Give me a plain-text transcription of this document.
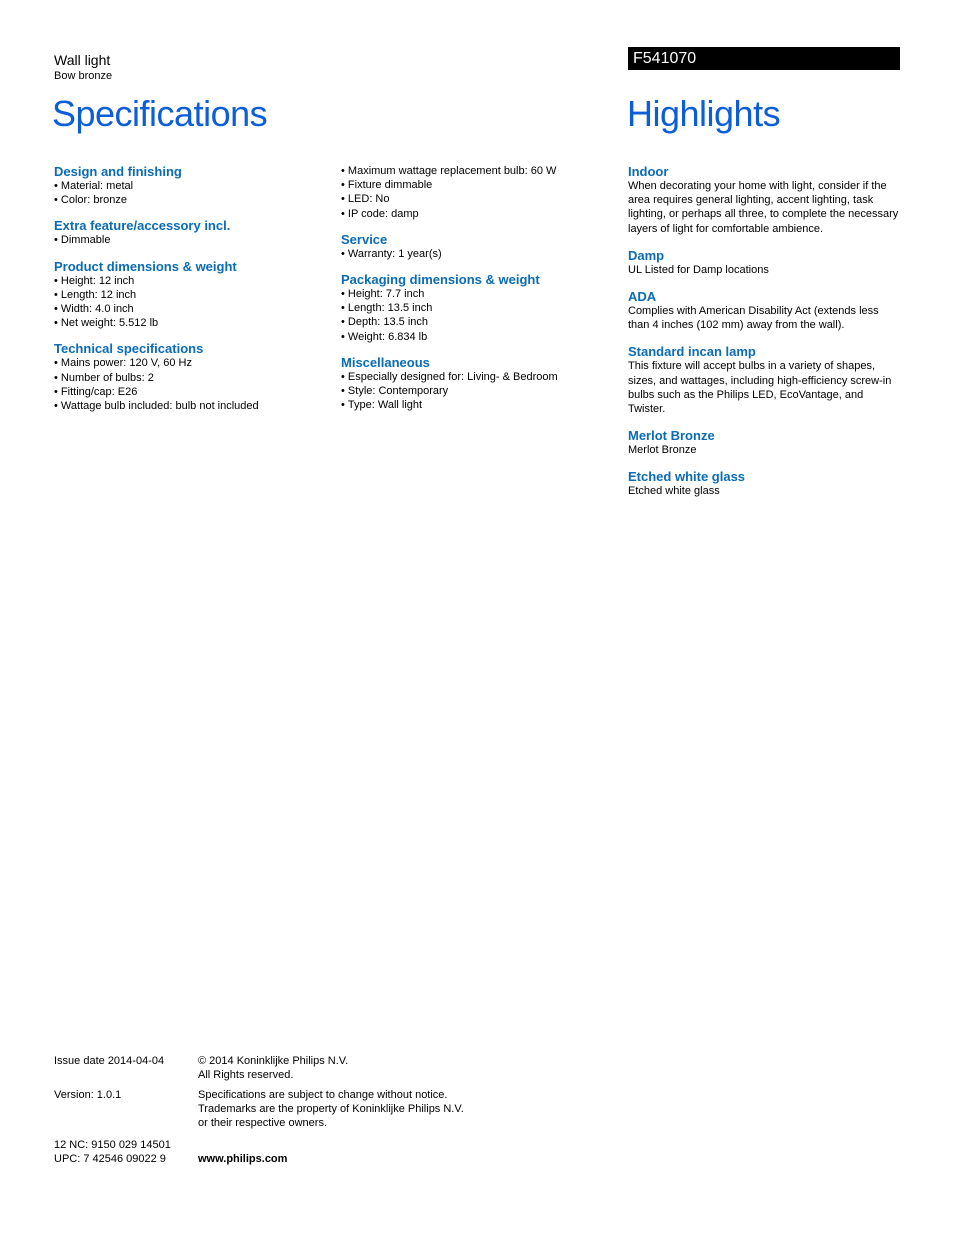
Wall light
Bow bronze
F541070
Specifications	Highlights
Design and finishing
• Material: metal
• Color: bronze
Extra feature/accessory incl.
• Dimmable
Product dimensions & weight
• Height: 12 inch
• Length: 12 inch
• Width: 4.0 inch
• Net weight: 5.512 lb
Technical specifications
• Mains power: 120 V, 60 Hz
• Number of bulbs: 2
• Fitting/cap: E26
• Wattage bulb included: bulb not included
• Maximum wattage replacement bulb: 60 W
• Fixture dimmable
• LED: No
• IP code: damp
Service
• Warranty: 1 year(s)
Packaging dimensions & weight
• Height: 7.7 inch
• Length: 13.5 inch
• Depth: 13.5 inch
• Weight: 6.834 lb
Miscellaneous
• Especially designed for: Living- & Bedroom
• Style: Contemporary
• Type: Wall light
Indoor
When decorating your home with light, consider if the area requires general lighting, accent lighting, task lighting, or perhaps all three, to complete the necessary layers of light for comfortable ambience.
Damp
UL Listed for Damp locations
ADA
Complies with American Disability Act (extends less than 4 inches (102 mm) away from the wall).
Standard incan lamp
This fixture will accept bulbs in a variety of shapes, sizes, and wattages, including high-efficiency screw-in bulbs such as the Philips LED, EcoVantage, and Twister.
Merlot Bronze
Merlot Bronze
Etched white glass
Etched white glass
Issue date 2014-04-04	© 2014 Koninklijke Philips N.V.
All Rights reserved.
Version: 1.0.1	Specifications are subject to change without notice.
Trademarks are the property of Koninklijke Philips N.V.
or their respective owners.
12 NC: 9150 029 14501
UPC: 7 42546 09022 9	www.philips.com
